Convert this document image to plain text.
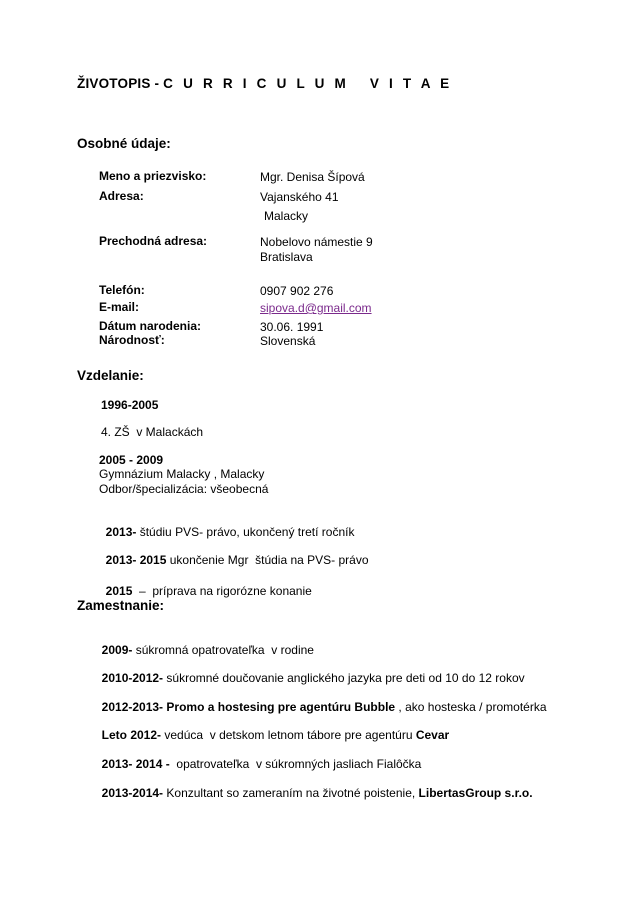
ŽIVOTOPIS - C U R R I C U L U M   V I T A E
Osobné údaje:
Meno a priezvisko:	Mgr. Denisa Šípová
Adresa:	Vajanského 41
Malacky
Prechodná adresa:	Nobelovo námestie 9
Bratislava
Telefón:	0907 902 276
E-mail:	sipova.d@gmail.com
Dátum narodenia:	30.06. 1991
Národnosť:	Slovenská
Vzdelanie:
1996-2005
4. ZŠ  v Malackách
2005 - 2009
Gymnázium Malacky , Malacky
Odbor/špecializácia: všeobecná

2013- štúdiu PVS- právo, ukončený tretí ročník

2013- 2015 ukončenie Mgr  štúdia na PVS- právo

2015  –  príprava na rigorózne konanie

Zamestnanie:

2009- súkromná opatrovateľka  v rodine

2010-2012- súkromné doučovanie anglického jazyka pre deti od 10 do 12 rokov

2012-2013- Promo a hostesing pre agentúru Bubble , ako hosteska / promotérka

Leto 2012- vedúca  v detskom letnom tábore pre agentúru Cevar

2013- 2014 -  opatrovateľka  v súkromných jasliach Fialôčka

2013-2014- Konzultant so zameraním na životné poistenie, LibertasGroup s.r.o.
